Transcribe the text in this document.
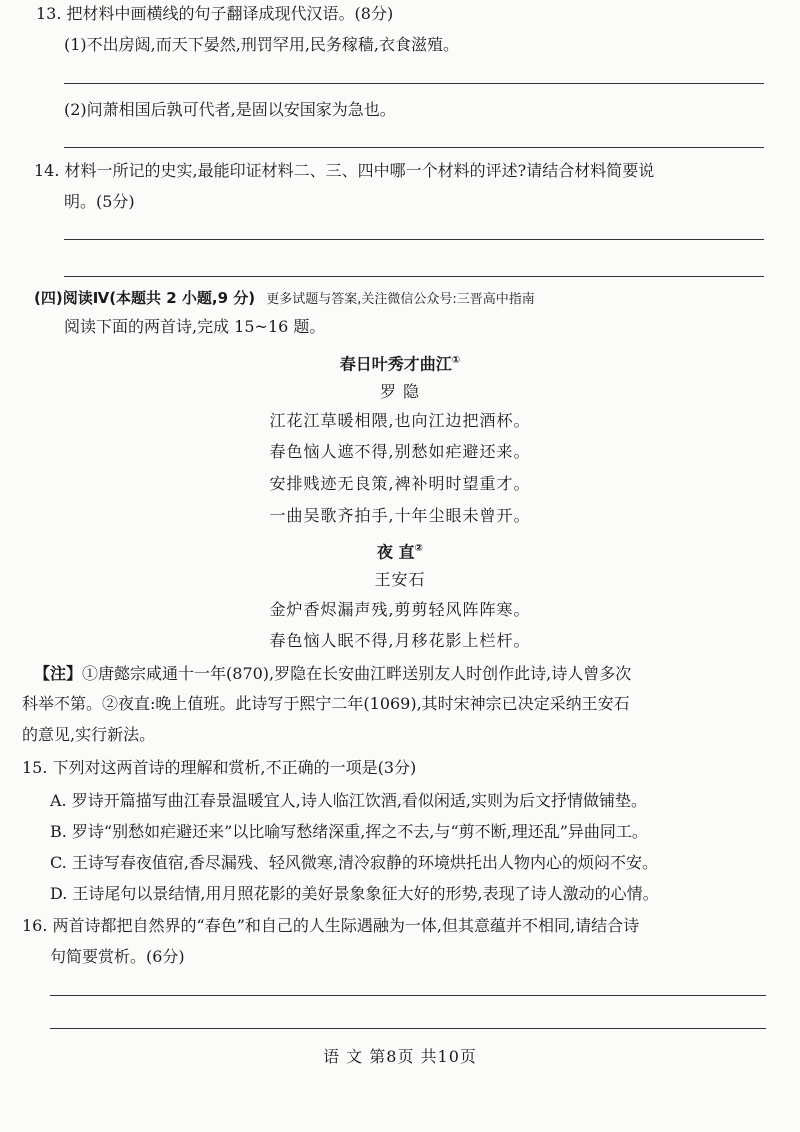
13. 把材料中画横线的句子翻译成现代汉语。(8分)
(1)不出房闼,而天下晏然,刑罚罕用,民务稼穑,衣食滋殖。
(2)问萧相国后孰可代者,是固以安国家为急也。
14. 材料一所记的史实,最能印证材料二、三、四中哪一个材料的评述?请结合材料简要说
明。(5分)
(四)阅读Ⅳ(本题共 2 小题,9 分) 更多试题与答案,关注微信公众号:三晋高中指南
阅读下面的两首诗,完成 15~16 题。
春日叶秀才曲江①
罗 隐
江花江草暖相隈,也向江边把酒杯。
春色恼人遮不得,别愁如疟避还来。
安排贱迹无良策,裨补明时望重才。
一曲吴歌齐拍手,十年尘眼未曾开。
夜 直②
王安石
金炉香烬漏声残,剪剪轻风阵阵寒。
春色恼人眠不得,月移花影上栏杆。
【注】①唐懿宗咸通十一年(870),罗隐在长安曲江畔送别友人时创作此诗,诗人曾多次
科举不第。②夜直:晚上值班。此诗写于熙宁二年(1069),其时宋神宗已决定采纳王安石
的意见,实行新法。
15. 下列对这两首诗的理解和赏析,不正确的一项是(3分)
A. 罗诗开篇描写曲江春景温暖宜人,诗人临江饮酒,看似闲适,实则为后文抒情做铺垫。
B. 罗诗“别愁如疟避还来”以比喻写愁绪深重,挥之不去,与“剪不断,理还乱”异曲同工。
C. 王诗写春夜值宿,香尽漏残、轻风微寒,清冷寂静的环境烘托出人物内心的烦闷不安。
D. 王诗尾句以景结情,用月照花影的美好景象象征大好的形势,表现了诗人激动的心情。
16. 两首诗都把自然界的“春色”和自己的人生际遇融为一体,但其意蕴并不相同,请结合诗
句简要赏析。(6分)
语 文 第8页 共10页
